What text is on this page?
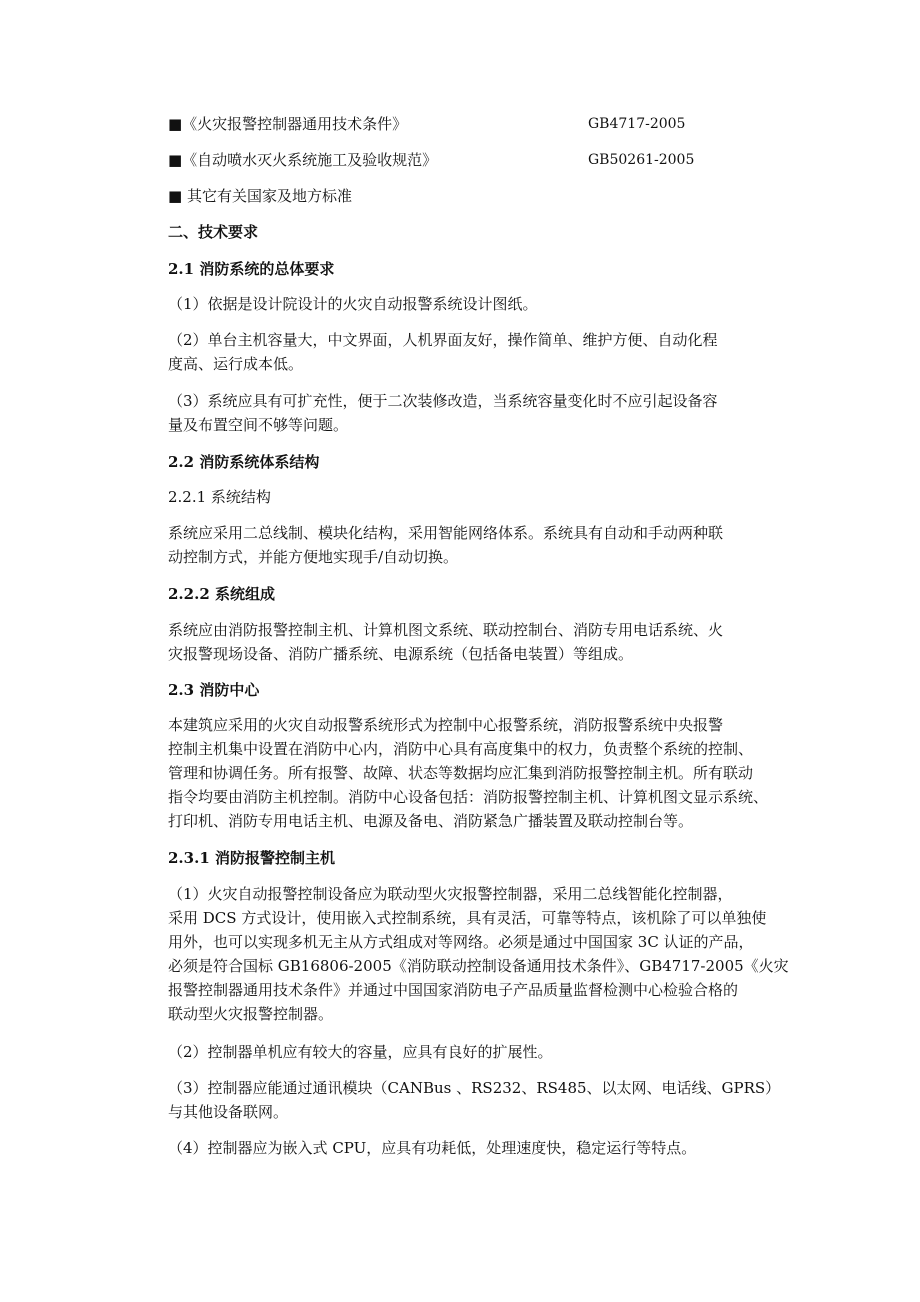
■《火灾报警控制器通用技术条件》	GB4717-2005
■《自动喷水灭火系统施工及验收规范》	GB50261-2005
■ 其它有关国家及地方标准
二、技术要求
2.1 消防系统的总体要求
（1）依据是设计院设计的火灾自动报警系统设计图纸。
（2）单台主机容量大，中文界面，人机界面友好，操作简单、维护方便、自动化程
度高、运行成本低。
（3）系统应具有可扩充性，便于二次装修改造，当系统容量变化时不应引起设备容
量及布置空间不够等问题。
2.2 消防系统体系结构
2.2.1 系统结构
系统应采用二总线制、模块化结构，采用智能网络体系。系统具有自动和手动两种联
动控制方式，并能方便地实现手/自动切换。
2.2.2 系统组成
系统应由消防报警控制主机、计算机图文系统、联动控制台、消防专用电话系统、火
灾报警现场设备、消防广播系统、电源系统（包括备电装置）等组成。
2.3 消防中心
本建筑应采用的火灾自动报警系统形式为控制中心报警系统，消防报警系统中央报警
控制主机集中设置在消防中心内，消防中心具有高度集中的权力，负责整个系统的控制、
管理和协调任务。所有报警、故障、状态等数据均应汇集到消防报警控制主机。所有联动
指令均要由消防主机控制。消防中心设备包括：消防报警控制主机、计算机图文显示系统、
打印机、消防专用电话主机、电源及备电、消防紧急广播装置及联动控制台等。
2.3.1 消防报警控制主机
（1）火灾自动报警控制设备应为联动型火灾报警控制器，采用二总线智能化控制器，
采用 DCS 方式设计，使用嵌入式控制系统，具有灵活，可靠等特点，该机除了可以单独使
用外，也可以实现多机无主从方式组成对等网络。必须是通过中国国家 3C 认证的产品，
必须是符合国标 GB16806-2005《消防联动控制设备通用技术条件》、GB4717-2005《火灾
报警控制器通用技术条件》并通过中国国家消防电子产品质量监督检测中心检验合格的
联动型火灾报警控制器。
（2）控制器单机应有较大的容量，应具有良好的扩展性。
（3）控制器应能通过通讯模块（CANBus 、RS232、RS485、以太网、电话线、GPRS）
与其他设备联网。
（4）控制器应为嵌入式 CPU，应具有功耗低，处理速度快，稳定运行等特点。
